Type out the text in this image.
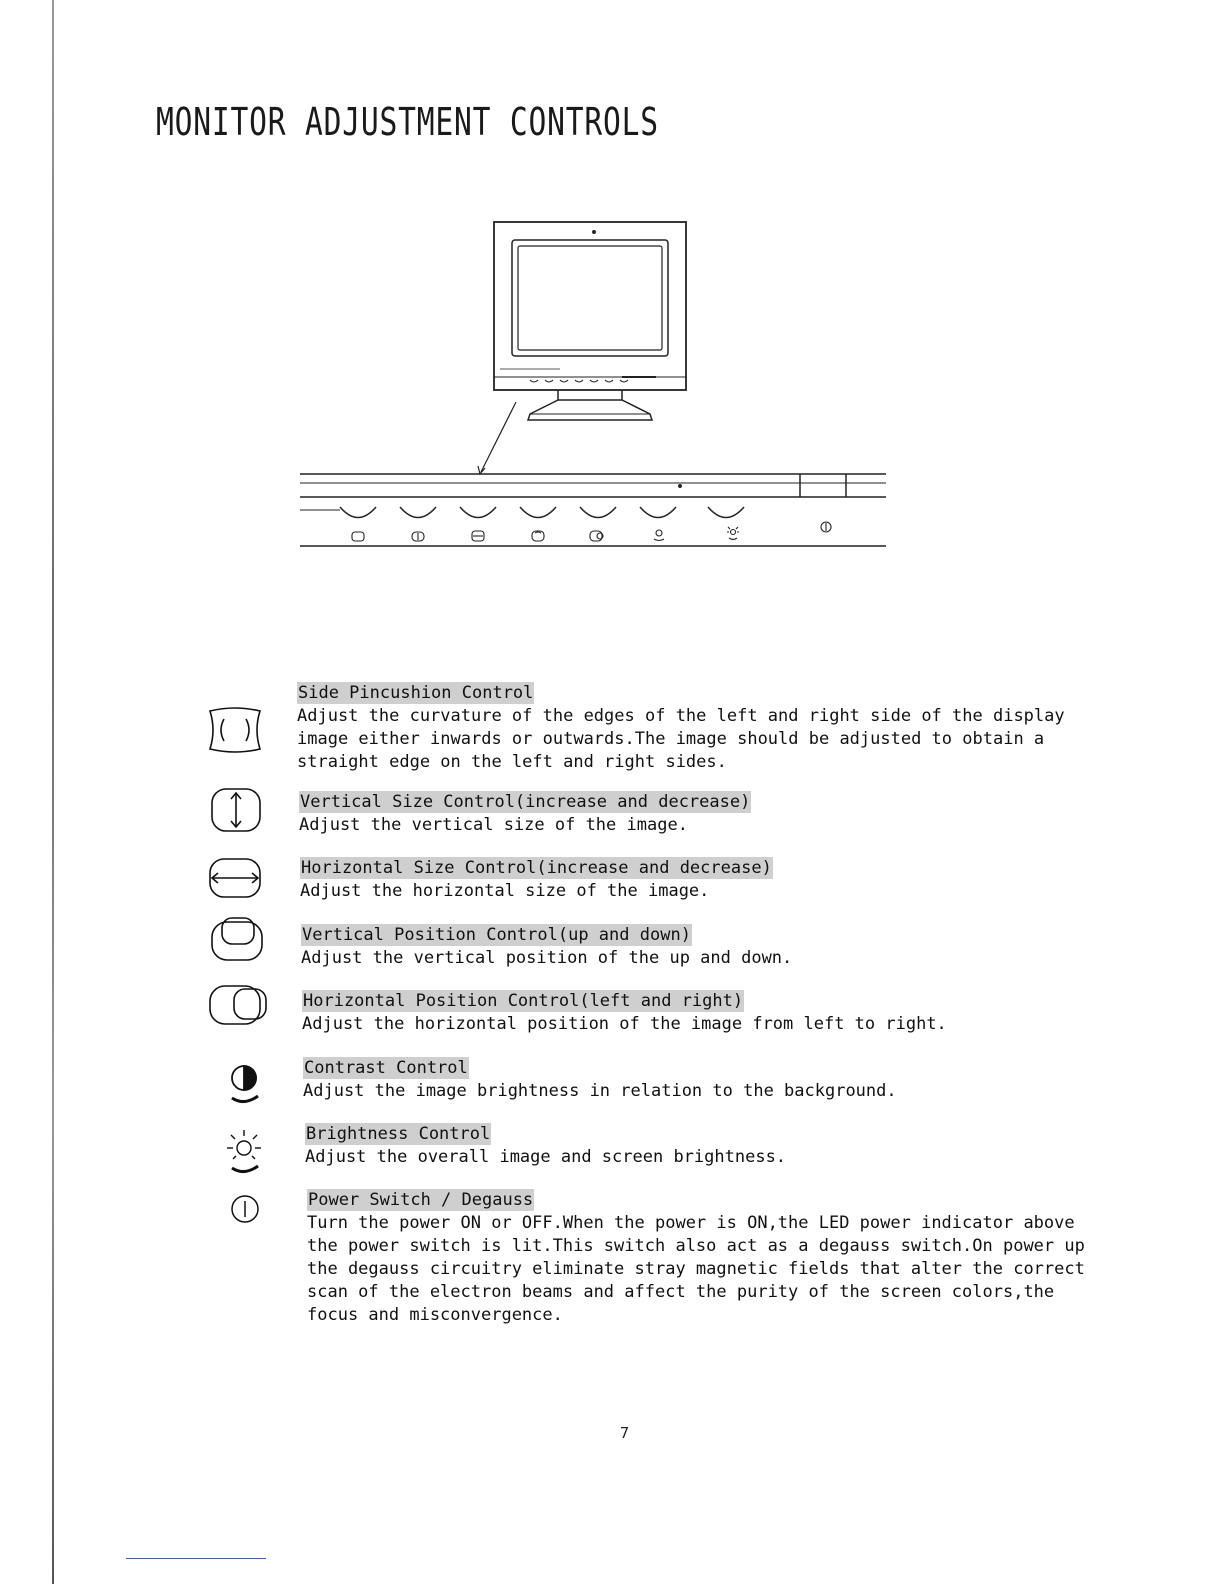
MONITOR ADJUSTMENT CONTROLS
Side Pincushion Control
Adjust the curvature of the edges of the left and right side of the display image either inwards or outwards.The image should be adjusted to obtain a straight edge on the left and right sides.
Vertical Size Control(increase and decrease)
Adjust the vertical size of the image.
Horizontal Size Control(increase and decrease)
Adjust the horizontal size of the image.
Vertical Position Control(up and down)
Adjust the vertical position of the up and down.
Horizontal Position Control(left and right)
Adjust the horizontal position of the image from left to right.
Contrast Control
Adjust the image brightness in relation to the background.
Brightness Control
Adjust the overall image and screen brightness.
Power Switch / Degauss
Turn the power ON or OFF.When the power is ON,the LED power indicator above the power switch is lit.This switch also act as a degauss switch.On power up the degauss circuitry eliminate stray magnetic fields that alter the correct scan of the electron beams and affect the purity of the screen colors,the focus and misconvergence.
7
